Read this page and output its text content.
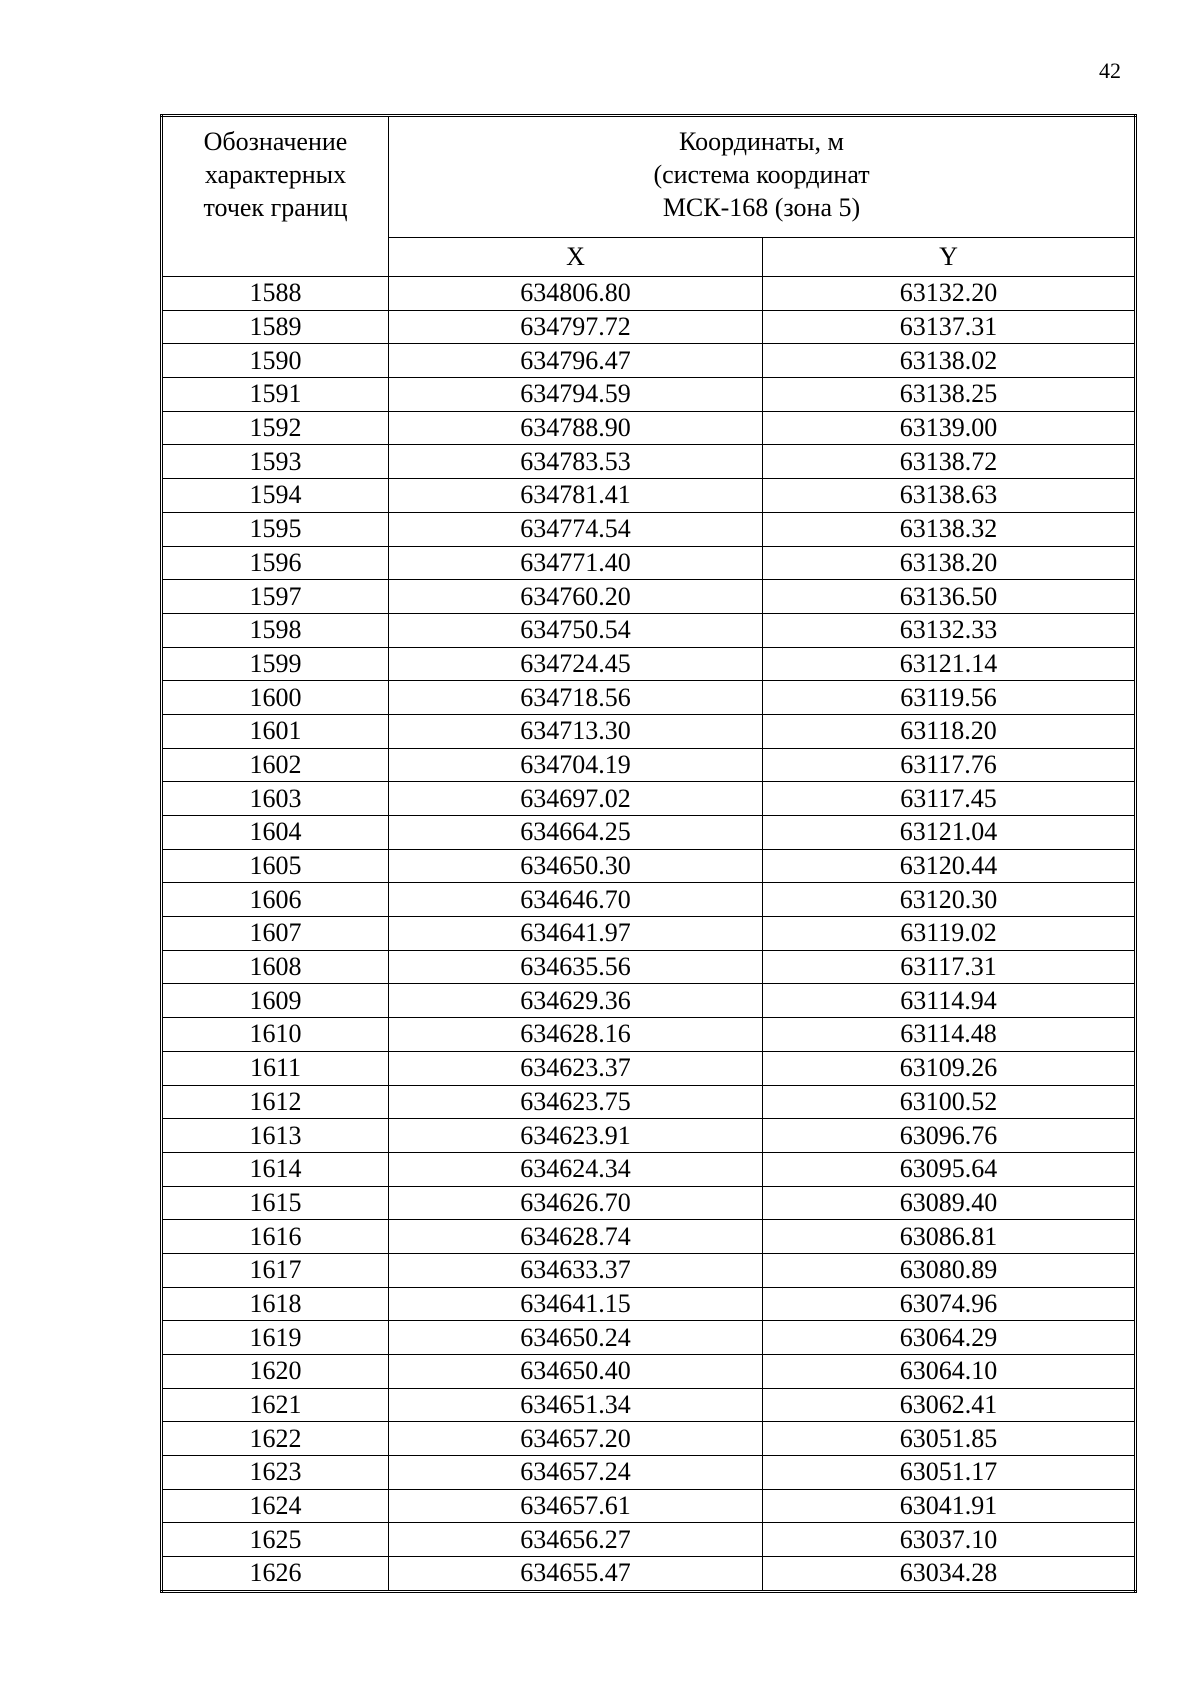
42
Обозначение
характерных
точек границ	Координаты, м
(система координат
МСК-168 (зона 5)	

	X	Y
1588	634806.80	63132.20
1589	634797.72	63137.31
1590	634796.47	63138.02
1591	634794.59	63138.25
1592	634788.90	63139.00
1593	634783.53	63138.72
1594	634781.41	63138.63
1595	634774.54	63138.32
1596	634771.40	63138.20
1597	634760.20	63136.50
1598	634750.54	63132.33
1599	634724.45	63121.14
1600	634718.56	63119.56
1601	634713.30	63118.20
1602	634704.19	63117.76
1603	634697.02	63117.45
1604	634664.25	63121.04
1605	634650.30	63120.44
1606	634646.70	63120.30
1607	634641.97	63119.02
1608	634635.56	63117.31
1609	634629.36	63114.94
1610	634628.16	63114.48
1611	634623.37	63109.26
1612	634623.75	63100.52
1613	634623.91	63096.76
1614	634624.34	63095.64
1615	634626.70	63089.40
1616	634628.74	63086.81
1617	634633.37	63080.89
1618	634641.15	63074.96
1619	634650.24	63064.29
1620	634650.40	63064.10
1621	634651.34	63062.41
1622	634657.20	63051.85
1623	634657.24	63051.17
1624	634657.61	63041.91
1625	634656.27	63037.10
1626	634655.47	63034.28
